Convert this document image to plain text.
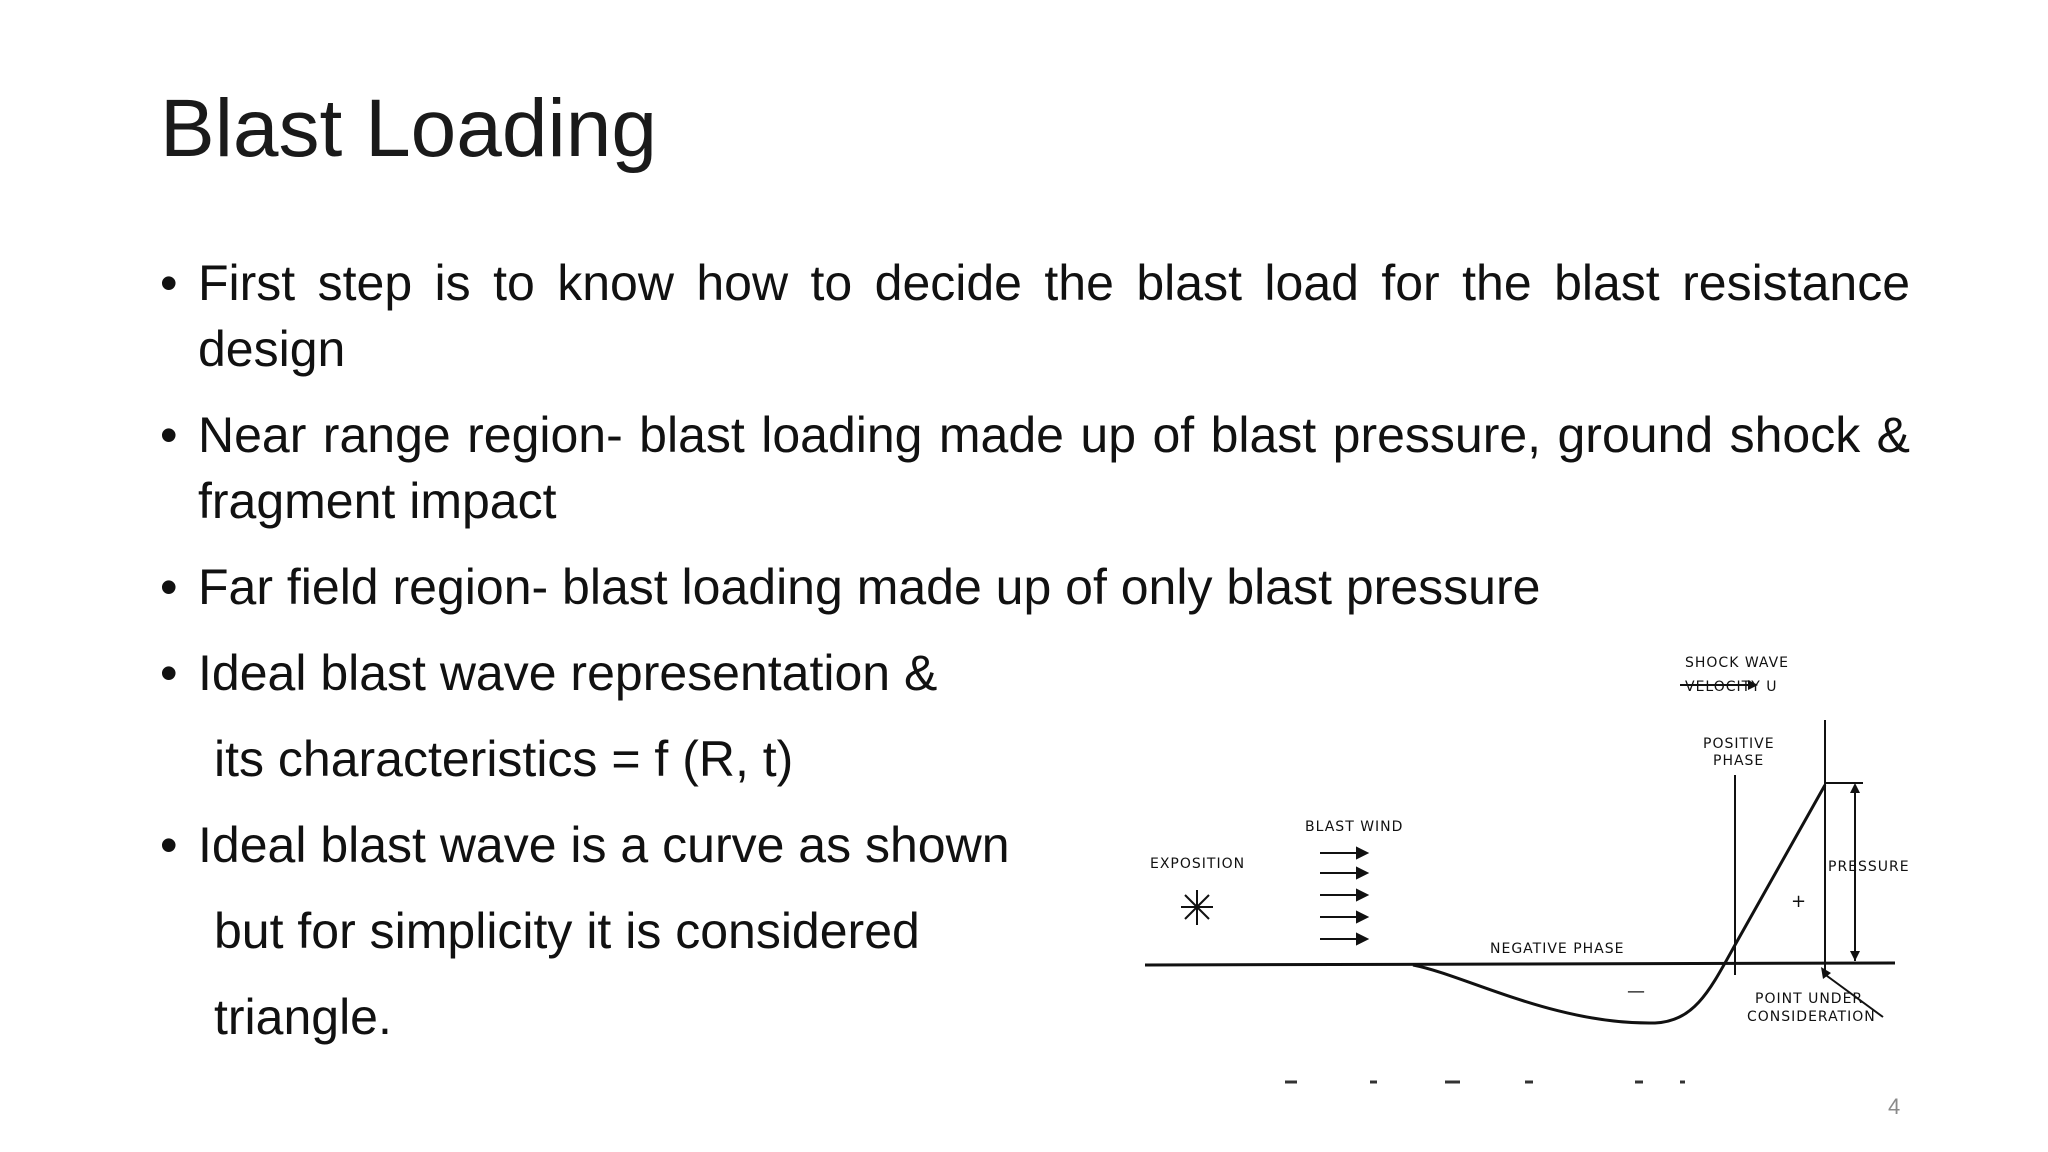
Blast Loading
• First step is to know how to decide the blast load for the blast resistance design
• Near range region- blast loading made up of blast pressure, ground shock & fragment impact
• Far field region- blast loading made up of only blast pressure
• Ideal blast wave representation &
its characteristics = f (R, t)
• Ideal blast wave is a curve as shown
but for simplicity it is considered
triangle.
SHOCK WAVE
VELOCITY U
POSITIVE
PHASE
BLAST WIND
EXPOSITION	PRESSURE
+
NEGATIVE PHASE
—	POINT UNDER
CONSIDERATION
4
